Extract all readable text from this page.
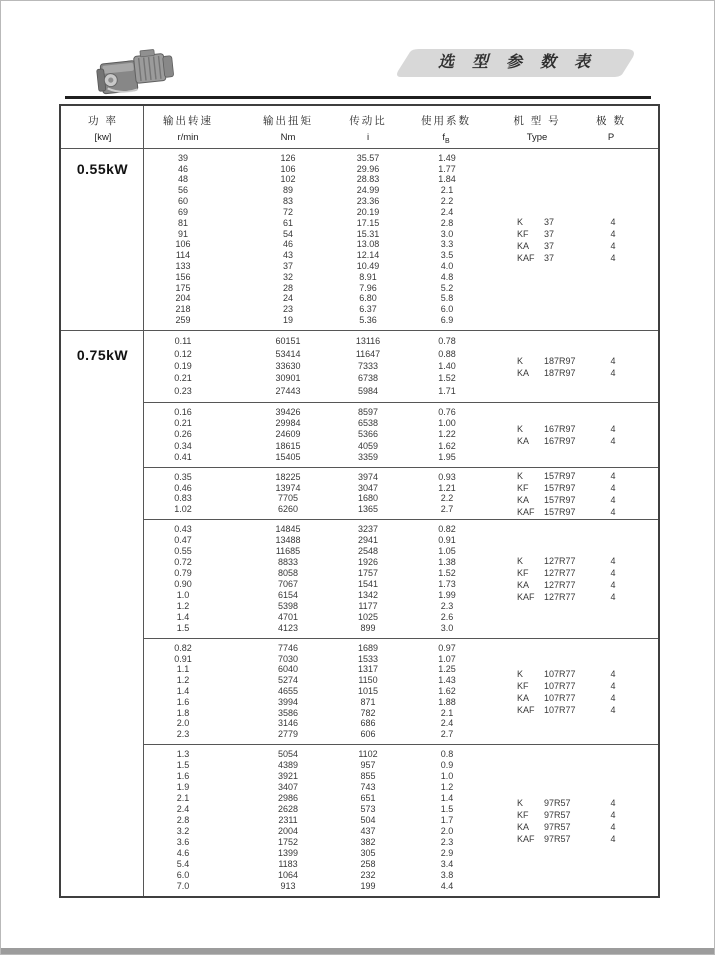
选 型 参 数 表
功 率
[kw]
输出转速
r/min
输出扭矩
Nm
传动比
i
使用系数
$f_B$
机 型 号
Type
极 数
P
0.55kW
39	126	35.57	1.49
46	106	29.96	1.77
48	102	28.83	1.84
56	89	24.99	2.1
60	83	23.36	2.2
69	72	20.19	2.4
81	61	17.15	2.8
91	54	15.31	3.0
106	46	13.08	3.3
114	43	12.14	3.5
133	37	10.49	4.0
156	32	8.91	4.8
175	28	7.96	5.2
204	24	6.80	5.8
218	23	6.37	6.0
259	19	5.36	6.9
K 37	4
KF 37	4
KA 37	4
KAF 37	4
0.75kW
0.11	60151	13116	0.78
0.12	53414	11647	0.88
0.19	33630	7333	1.40
0.21	30901	6738	1.52
0.23	27443	5984	1.71
K 187R97	4
KA 187R97	4
0.16	39426	8597	0.76
0.21	29984	6538	1.00
0.26	24609	5366	1.22
0.34	18615	4059	1.62
0.41	15405	3359	1.95
K 167R97	4
KA 167R97	4
0.35	18225	3974	0.93
0.46	13974	3047	1.21
0.83	7705	1680	2.2
1.02	6260	1365	2.7
K 157R97	4
KF 157R97	4
KA 157R97	4
KAF 157R97	4
0.43	14845	3237	0.82
0.47	13488	2941	0.91
0.55	11685	2548	1.05
0.72	8833	1926	1.38
0.79	8058	1757	1.52
0.90	7067	1541	1.73
1.0	6154	1342	1.99
1.2	5398	1177	2.3
1.4	4701	1025	2.6
1.5	4123	899	3.0
K 127R77	4
KF 127R77	4
KA 127R77	4
KAF 127R77	4
0.82	7746	1689	0.97
0.91	7030	1533	1.07
1.1	6040	1317	1.25
1.2	5274	1150	1.43
1.4	4655	1015	1.62
1.6	3994	871	1.88
1.8	3586	782	2.1
2.0	3146	686	2.4
2.3	2779	606	2.7
K 107R77	4
KF 107R77	4
KA 107R77	4
KAF 107R77	4
1.3	5054	1102	0.8
1.5	4389	957	0.9
1.6	3921	855	1.0
1.9	3407	743	1.2
2.1	2986	651	1.4
2.4	2628	573	1.5
2.8	2311	504	1.7
3.2	2004	437	2.0
3.6	1752	382	2.3
4.6	1399	305	2.9
5.4	1183	258	3.4
6.0	1064	232	3.8
7.0	913	199	4.4
K 97R57	4
KF 97R57	4
KA 97R57	4
KAF 97R57	4
